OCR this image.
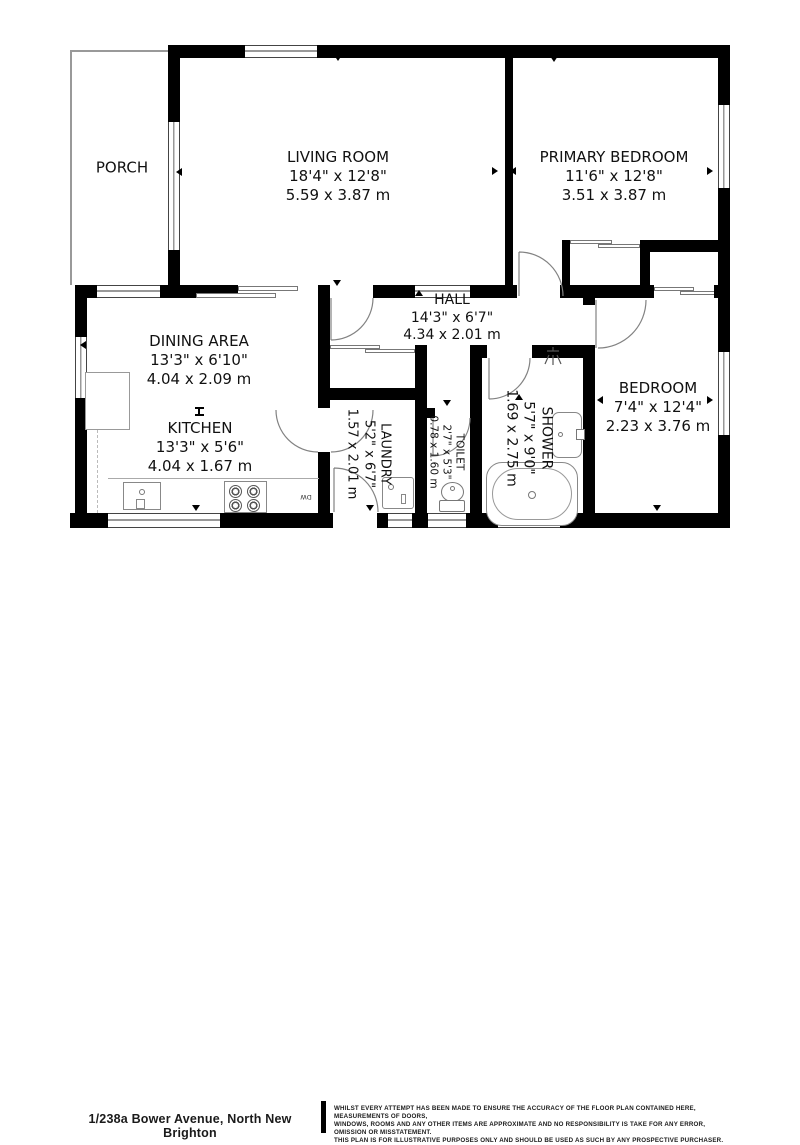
DW
PORCH
LIVING ROOM
18'4" x 12'8"
5.59 x 3.87 m
PRIMARY BEDROOM
11'6" x 12'8"
3.51 x 3.87 m
HALL
14'3" x 6'7"
4.34 x 2.01 m
DINING AREA
13'3" x 6'10"
4.04 x 2.09 m
KITCHEN
13'3" x 5'6"
4.04 x 1.67 m
BEDROOM
7'4" x 12'4"
2.23 x 3.76 m
LAUNDRY
5'2" x 6'7"
1.57 x 2.01 m	TOILET
2'7" x 5'3"
0.78 x 1.60 m	SHOWER
5'7" x 9'0"
1.69 x 2.75 m
1/238a Bower Avenue, North New Brighton
WHILST EVERY ATTEMPT HAS BEEN MADE TO ENSURE THE ACCURACY OF THE FLOOR PLAN CONTAINED HERE, MEASUREMENTS OF DOORS,
WINDOWS, ROOMS AND ANY OTHER ITEMS ARE APPROXIMATE AND NO RESPONSIBILITY IS TAKE FOR ANY ERROR, OMISSION OR MISSTATEMENT.
THIS PLAN IS FOR ILLUSTRATIVE PURPOSES ONLY AND SHOULD BE USED AS SUCH BY ANY PROSPECTIVE PURCHASER.
